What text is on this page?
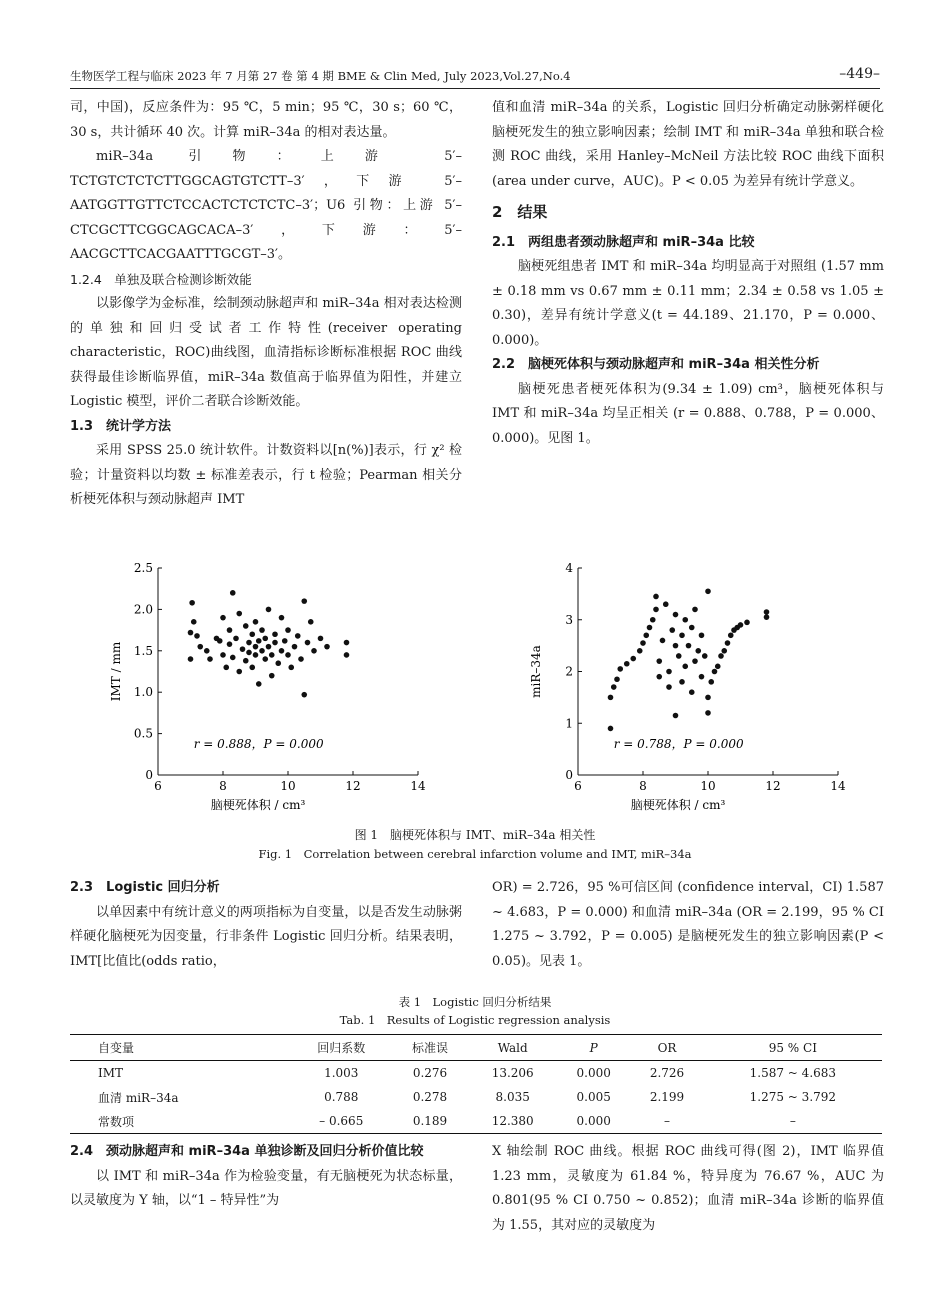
生物医学工程与临床 2023 年 7 月第 27 卷 第 4 期 BME & Clin Med, July 2023,Vol.27,No.4	–449–

司，中国)，反应条件为：95 ℃，5 min；95 ℃，30 s；60 ℃，30 s，共计循环 40 次。计算 miR–34a 的相对表达量。

miR–34a 引物：上游 5′–TCTGTCTCTCTTGGCAGTGTCTT–3′，下游 5′–AATGGTTGTTCTCCACTCTCTCTC–3′；U6 引物：上游 5′–CTCGCTTCGGCAGCACA–3′，下游：5′–AACGCTTCACGAATTTGCGT–3′。

1.2.4　单独及联合检测诊断效能

以影像学为金标准，绘制颈动脉超声和 miR–34a 相对表达检测的单独和回归受试者工作特性(receiver operating characteristic，ROC)曲线图，血清指标诊断标准根据 ROC 曲线获得最佳诊断临界值，miR–34a 数值高于临界值为阳性，并建立 Logistic 模型，评价二者联合诊断效能。

1.3　统计学方法

采用 SPSS 25.0 统计软件。计数资料以[n(%)]表示，行 χ² 检验；计量资料以均数 ± 标准差表示，行 t 检验；Pearman 相关分析梗死体积与颈动脉超声 IMT

值和血清 miR–34a 的关系，Logistic 回归分析确定动脉粥样硬化脑梗死发生的独立影响因素；绘制 IMT 和 miR–34a 单独和联合检测 ROC 曲线，采用 Hanley–McNeil 方法比较 ROC 曲线下面积 (area under curve，AUC)。P < 0.05 为差异有统计学意义。

2　结果

2.1　两组患者颈动脉超声和 miR–34a 比较

脑梗死组患者 IMT 和 miR–34a 均明显高于对照组 (1.57 mm ± 0.18 mm vs 0.67 mm ± 0.11 mm；2.34 ± 0.58 vs 1.05 ± 0.30)，差异有统计学意义(t = 44.189、21.170，P = 0.000、0.000)。

2.2　脑梗死体积与颈动脉超声和 miR–34a 相关性分析

脑梗死患者梗死体积为(9.34 ± 1.09) cm³，脑梗死体积与 IMT 和 miR–34a 均呈正相关 (r = 0.888、0.788，P = 0.000、0.000)。见图 1。

6	8	10	12	14
0
0.5
1.0
1.5
2.0
2.5
脑梗死体积 / cm³
IMT / mm
r = 0.888，P = 0.000
6	8	10	12	14
0
1
2
3
4
脑梗死体积 / cm³
miR–34a
r = 0.788，P = 0.000
图 1　脑梗死体积与 IMT、miR–34a 相关性
Fig. 1　Correlation between cerebral infarction volume and IMT, miR–34a

2.3　Logistic 回归分析

以单因素中有统计意义的两项指标为自变量，以是否发生动脉粥样硬化脑梗死为因变量，行非条件 Logistic 回归分析。结果表明，IMT[比值比(odds ratio，

OR) = 2.726，95 %可信区间 (confidence interval，CI) 1.587 ~ 4.683，P = 0.000) 和血清 miR–34a (OR = 2.199，95 % CI 1.275 ~ 3.792，P = 0.005) 是脑梗死发生的独立影响因素(P < 0.05)。见表 1。

表 1　Logistic 回归分析结果
Tab. 1　Results of Logistic regression analysis
自变量	回归系数	标准误	Wald	P	OR	95 % CI
IMT	1.003	0.276	13.206	0.000	2.726	1.587 ~ 4.683
血清 miR–34a	0.788	0.278	8.035	0.005	2.199	1.275 ~ 3.792
常数项	– 0.665	0.189	12.380	0.000	–	–

2.4　颈动脉超声和 miR–34a 单独诊断及回归分析价值比较

以 IMT 和 miR–34a 作为检验变量，有无脑梗死为状态标量，以灵敏度为 Y 轴，以“1 – 特异性”为

X 轴绘制 ROC 曲线。根据 ROC 曲线可得(图 2)，IMT 临界值 1.23 mm，灵敏度为 61.84 %，特异度为 76.67 %，AUC 为 0.801(95 % CI 0.750 ~ 0.852)；血清 miR–34a 诊断的临界值为 1.55，其对应的灵敏度为
